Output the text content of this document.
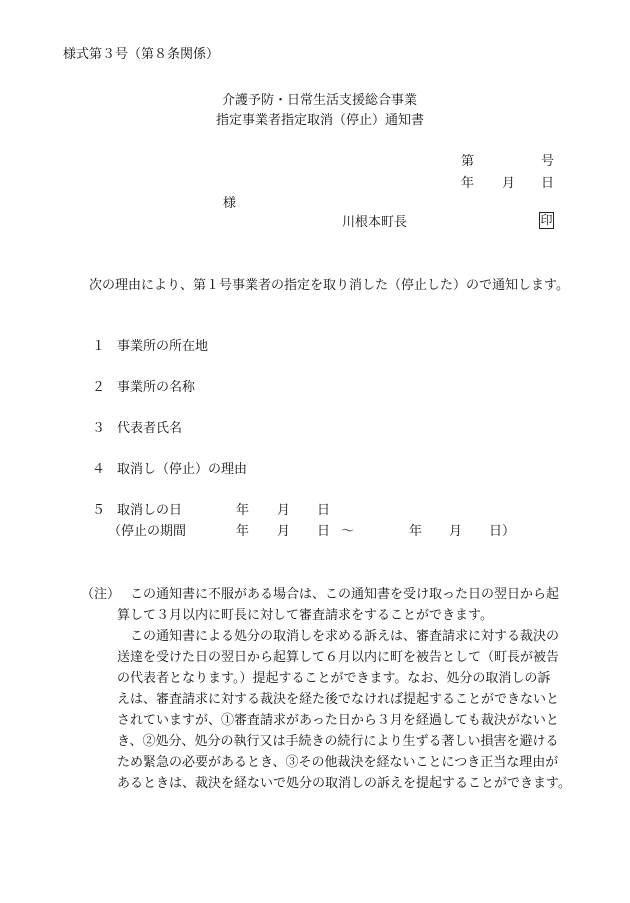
様式第３号（第８条関係）
介護予防・日常生活支援総合事業
指定事業者指定取消（停止）通知書
第	号
年 月 日
様
川根本町長	印
次の理由により、第１号事業者の指定を取り消した（停止した）ので通知します。
１ 事業所の所在地
２ 事業所の名称
３ 代表者氏名
４ 取消し（停止）の理由
５ 取消しの日	年 月 日
（停止の期間	年 月 日 ～	年 月 日）
（注） この通知書に不服がある場合は、この通知書を受け取った日の翌日から起
算して３月以内に町長に対して審査請求をすることができます。
この通知書による処分の取消しを求める訴えは、審査請求に対する裁決の
送達を受けた日の翌日から起算して６月以内に町を被告として（町長が被告
の代表者となります。）提起することができます。なお、処分の取消しの訴
えは、審査請求に対する裁決を経た後でなければ提起することができないと
されていますが、①審査請求があった日から３月を経過しても裁決がないと
き、②処分、処分の執行又は手続きの続行により生ずる著しい損害を避ける
ため緊急の必要があるとき、③その他裁決を経ないことにつき正当な理由が
あるときは、裁決を経ないで処分の取消しの訴えを提起することができます。
